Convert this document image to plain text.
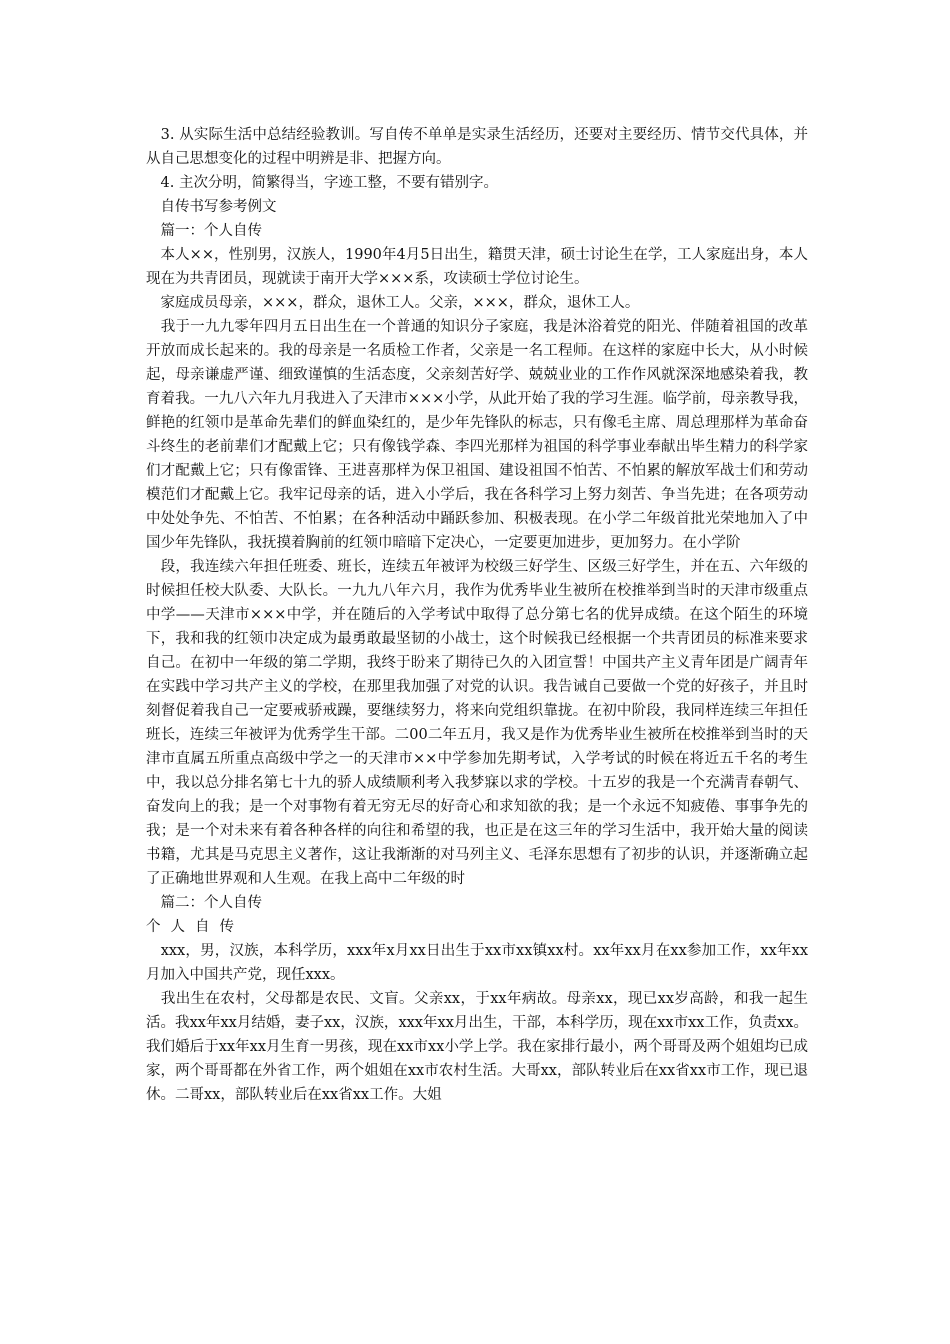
　3. 从实际生活中总结经验教训。写自传不单单是实录生活经历，还要对主要经历、情节交代具体，并从自己思想变化的过程中明辨是非、把握方向。

　4. 主次分明，简繁得当，字迹工整，不要有错别字。

　自传书写参考例文

　篇一：个人自传

　本人××，性别男，汉族人，1990年4月5日出生，籍贯天津，硕士讨论生在学，工人家庭出身，本人现在为共青团员，现就读于南开大学×××系，攻读硕士学位讨论生。

　家庭成员母亲，×××，群众，退休工人。父亲，×××，群众，退休工人。

　我于一九九零年四月五日出生在一个普通的知识分子家庭，我是沐浴着党的阳光、伴随着祖国的改革开放而成长起来的。我的母亲是一名质检工作者，父亲是一名工程师。在这样的家庭中长大，从小时候起，母亲谦虚严谨、细致谨慎的生活态度，父亲刻苦好学、兢兢业业的工作作风就深深地感染着我，教育着我。一九八六年九月我进入了天津市×××小学，从此开始了我的学习生涯。临学前，母亲教导我，鲜艳的红领巾是革命先辈们的鲜血染红的，是少年先锋队的标志，只有像毛主席、周总理那样为革命奋斗终生的老前辈们才配戴上它；只有像钱学森、李四光那样为祖国的科学事业奉献出毕生精力的科学家们才配戴上它；只有像雷锋、王进喜那样为保卫祖国、建设祖国不怕苦、不怕累的解放军战士们和劳动模范们才配戴上它。我牢记母亲的话，进入小学后，我在各科学习上努力刻苦、争当先进；在各项劳动中处处争先、不怕苦、不怕累；在各种活动中踊跃参加、积极表现。在小学二年级首批光荣地加入了中国少年先锋队，我抚摸着胸前的红领巾暗暗下定决心，一定要更加进步，更加努力。在小学阶

　段，我连续六年担任班委、班长，连续五年被评为校级三好学生、区级三好学生，并在五、六年级的时候担任校大队委、大队长。一九九八年六月，我作为优秀毕业生被所在校推举到当时的天津市级重点中学——天津市×××中学，并在随后的入学考试中取得了总分第七名的优异成绩。在这个陌生的环境下，我和我的红领巾决定成为最勇敢最坚韧的小战士，这个时候我已经根据一个共青团员的标准来要求自己。在初中一年级的第二学期，我终于盼来了期待已久的入团宣誓！中国共产主义青年团是广阔青年在实践中学习共产主义的学校，在那里我加强了对党的认识。我告诫自己要做一个党的好孩子，并且时刻督促着我自己一定要戒骄戒躁，要继续努力，将来向党组织靠拢。在初中阶段，我同样连续三年担任班长，连续三年被评为优秀学生干部。二00二年五月，我又是作为优秀毕业生被所在校推举到当时的天津市直属五所重点高级中学之一的天津市××中学参加先期考试，入学考试的时候在将近五千名的考生中，我以总分排名第七十九的骄人成绩顺利考入我梦寐以求的学校。十五岁的我是一个充满青春朝气、奋发向上的我；是一个对事物有着无穷无尽的好奇心和求知欲的我；是一个永远不知疲倦、事事争先的我；是一个对未来有着各种各样的向往和希望的我，也正是在这三年的学习生活中，我开始大量的阅读书籍，尤其是马克思主义著作，这让我渐渐的对马列主义、毛泽东思想有了初步的认识，并逐渐确立起了正确地世界观和人生观。在我上高中二年级的时

　篇二：个人自传

个人自传

　xxx，男，汉族，本科学历，xxx年x月xx日出生于xx市xx镇xx村。xx年xx月在xx参加工作，xx年xx月加入中国共产党，现任xxx。

　我出生在农村，父母都是农民、文盲。父亲xx，于xx年病故。母亲xx，现已xx岁高龄，和我一起生活。我xx年xx月结婚，妻子xx，汉族，xxx年xx月出生，干部，本科学历，现在xx市xx工作，负责xx。我们婚后于xx年xx月生育一男孩，现在xx市xx小学上学。我在家排行最小，两个哥哥及两个姐姐均已成家，两个哥哥都在外省工作，两个姐姐在xx市农村生活。大哥xx，部队转业后在xx省xx市工作，现已退休。二哥xx，部队转业后在xx省xx工作。大姐
